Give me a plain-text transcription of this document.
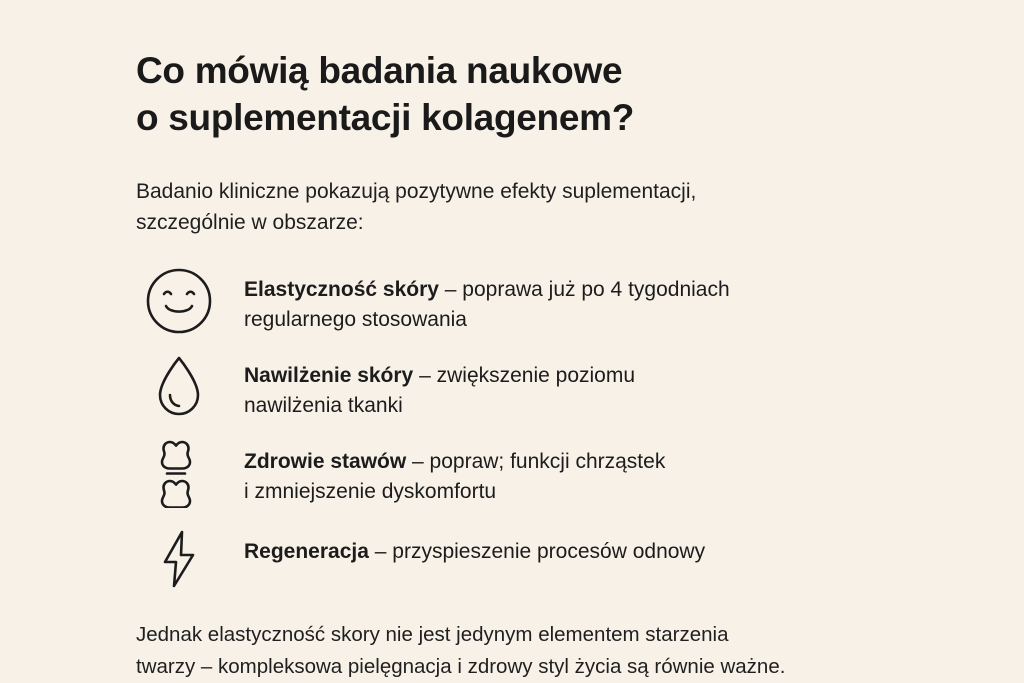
Co mówią badania naukowe
o suplementacji kolagenem?

Badanio kliniczne pokazują pozytywne efekty suplementacji,
szczególnie w obszarze:

Elastyczność skóry – poprawa już po 4 tygodniach
regularnego stosowania
Nawilżenie skóry – zwiększenie poziomu
nawilżenia tkanki
Zdrowie stawów – popraw; funkcji chrząstek
i zmniejszenie dyskomfortu
Regeneracja – przyspieszenie procesów odnowy

Jednak elastyczność skory nie jest jedynym elementem starzenia
twarzy – kompleksowa pielęgnacja i zdrowy styl życia są równie ważne.
